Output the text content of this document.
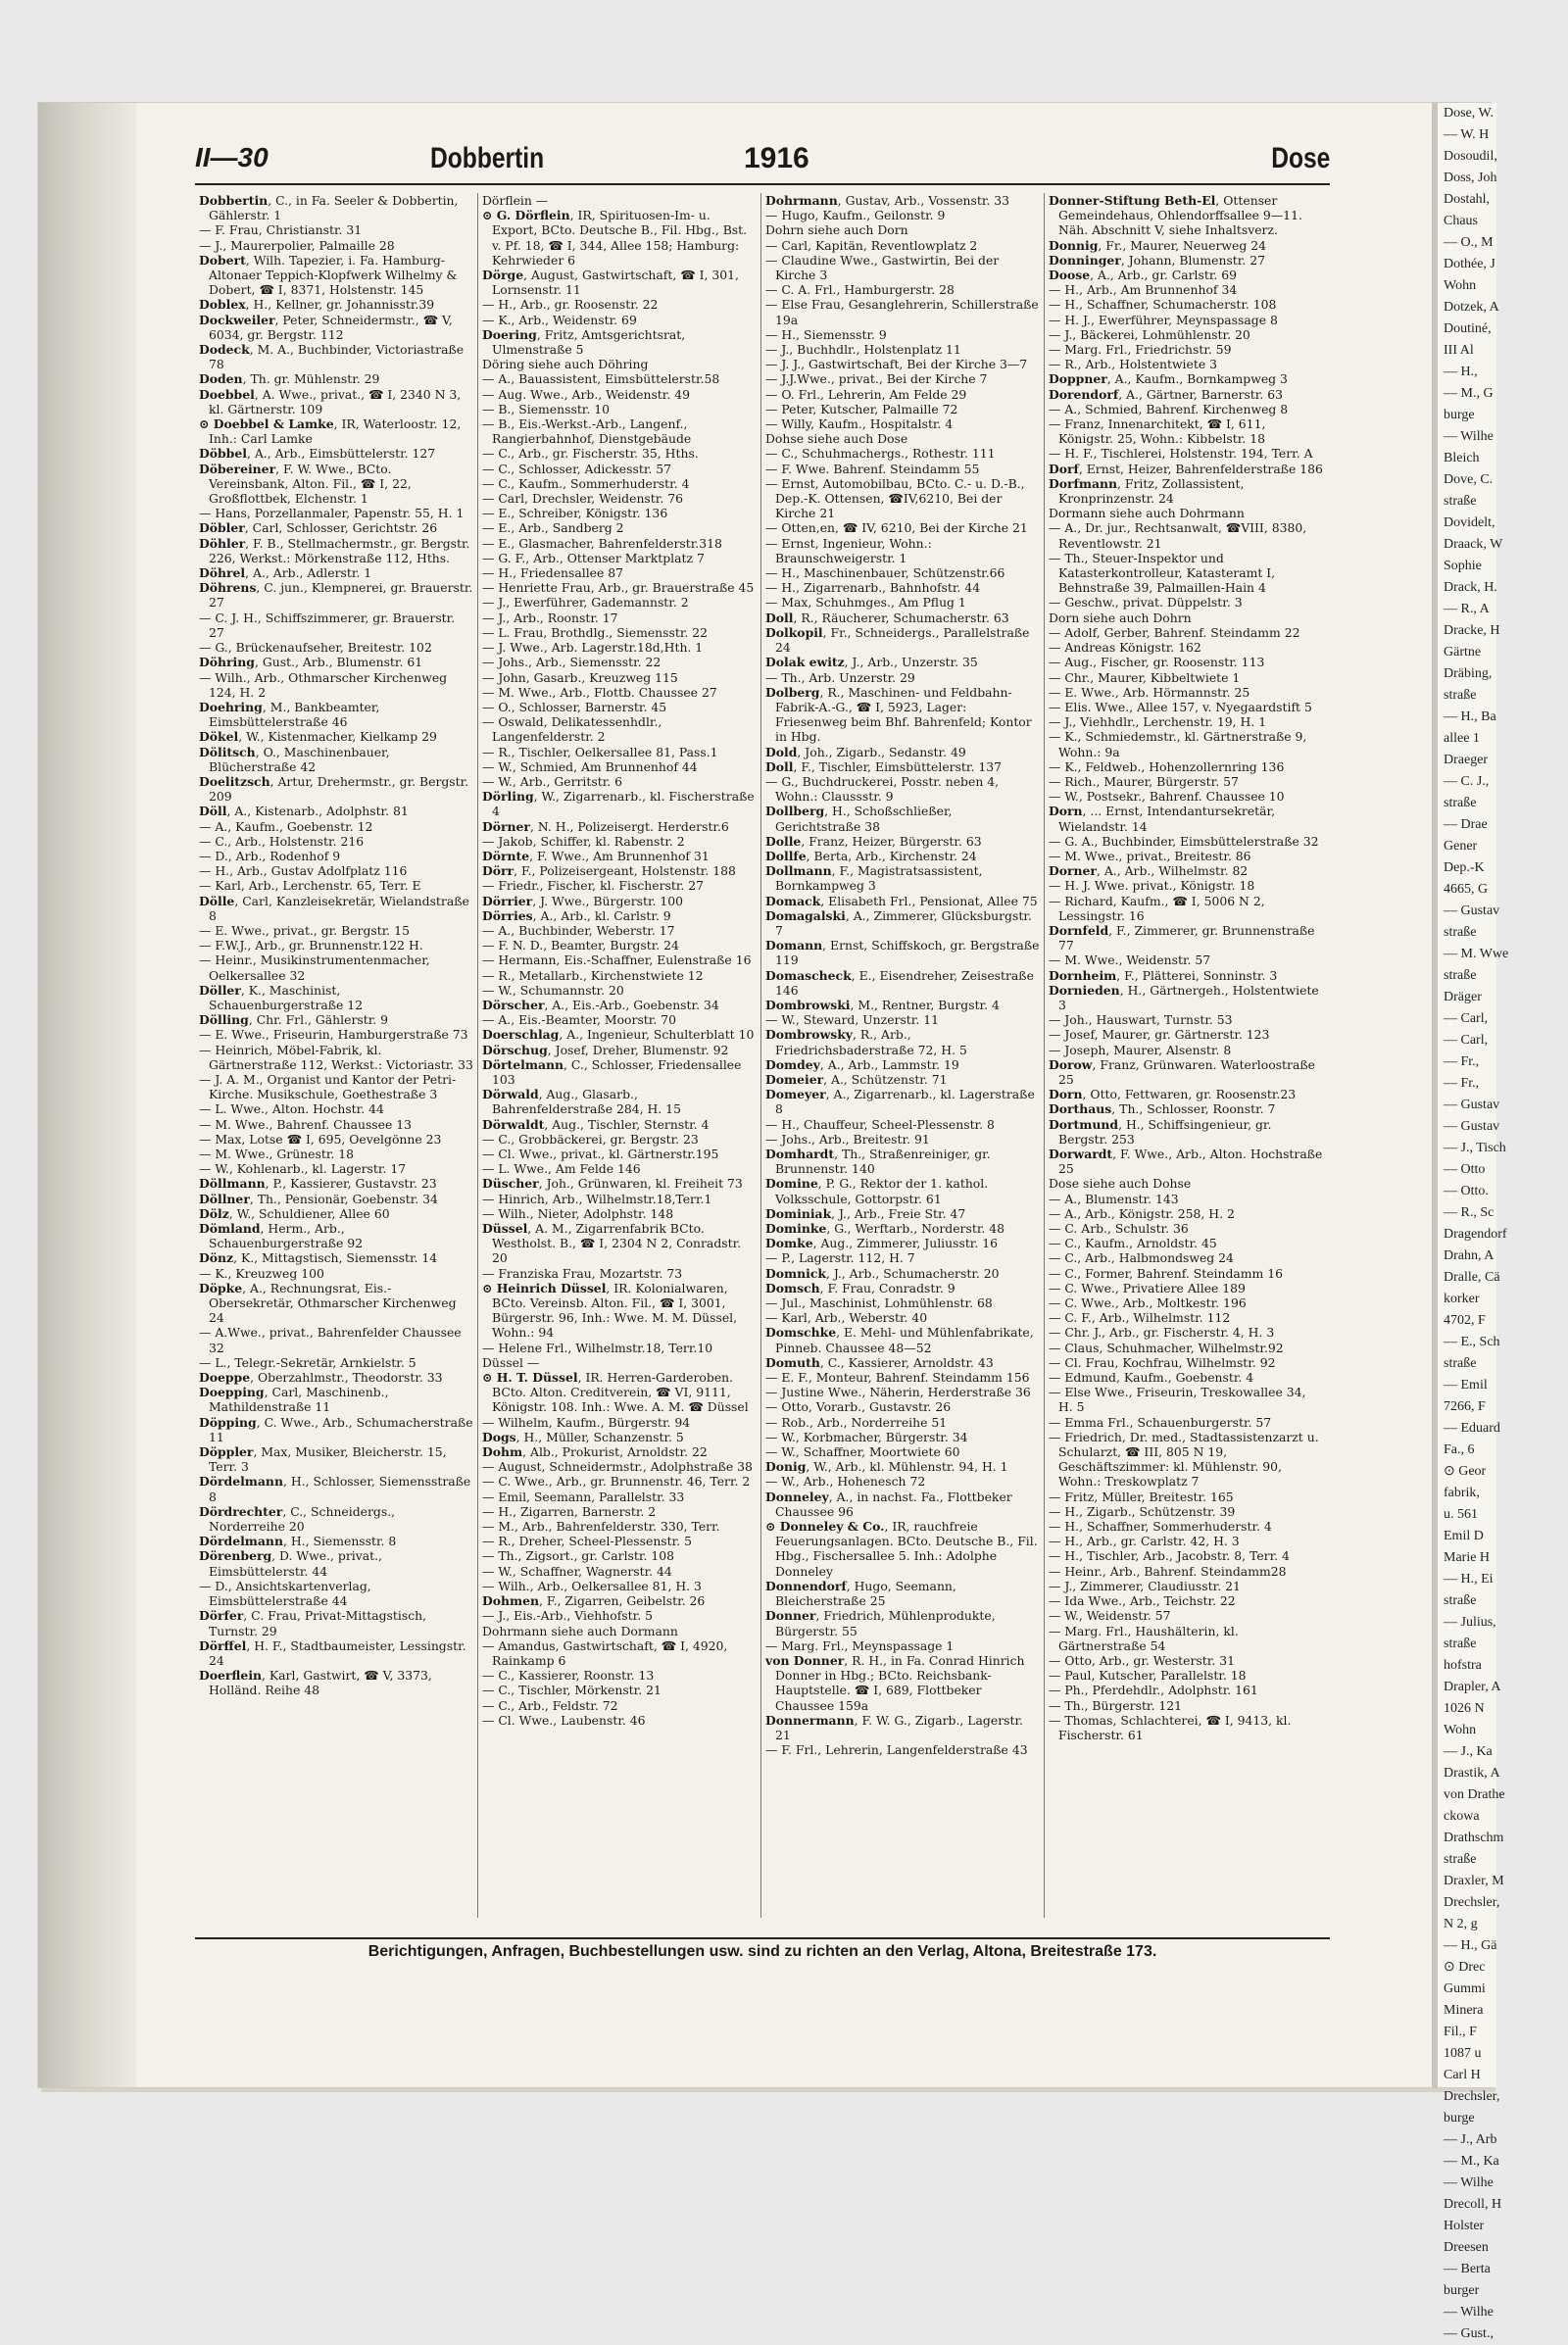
II—30	Dobbertin	1916	Dose

Dobbertin, C., in Fa. Seeler & Dobbertin, Gählerstr. 1

— F. Frau, Christianstr. 31

— J., Maurerpolier, Palmaille 28

Dobert, Wilh. Tapezier, i. Fa. Hamburg-Altonaer Teppich-Klopfwerk Wilhelmy & Dobert, ☎ I, 8371, Holstenstr. 145

Doblex, H., Kellner, gr. Johannisstr.39

Dockweiler, Peter, Schneidermstr., ☎ V, 6034, gr. Bergstr. 112

Dodeck, M. A., Buchbinder, Victoriastraße 78

Doden, Th. gr. Mühlenstr. 29

Doebbel, A. Wwe., privat., ☎ I, 2340 N 3, kl. Gärtnerstr. 109

⊙ Doebbel & Lamke, IR, Waterloostr. 12, Inh.: Carl Lamke

Döbbel, A., Arb., Eimsbüttelerstr. 127

Döbereiner, F. W. Wwe., BCto. Vereinsbank, Alton. Fil., ☎ I, 22, Großflottbek, Elchenstr. 1

— Hans, Porzellanmaler, Papenstr. 55, H. 1

Döbler, Carl, Schlosser, Gerichtstr. 26

Döhler, F. B., Stellmachermstr., gr. Bergstr. 226, Werkst.: Mörkenstraße 112, Hths.

Döhrel, A., Arb., Adlerstr. 1

Döhrens, C. jun., Klempnerei, gr. Brauerstr. 27

— C. J. H., Schiffszimmerer, gr. Brauerstr. 27

— G., Brückenaufseher, Breitestr. 102

Döhring, Gust., Arb., Blumenstr. 61

— Wilh., Arb., Othmarscher Kirchenweg 124, H. 2

Doehring, M., Bankbeamter, Eimsbüttelerstraße 46

Dökel, W., Kistenmacher, Kielkamp 29

Dölitsch, O., Maschinenbauer, Blücherstraße 42

Doelitzsch, Artur, Drehermstr., gr. Bergstr. 209

Döll, A., Kistenarb., Adolphstr. 81

— A., Kaufm., Goebenstr. 12

— C., Arb., Holstenstr. 216

— D., Arb., Rodenhof 9

— H., Arb., Gustav Adolfplatz 116

— Karl, Arb., Lerchenstr. 65, Terr. E

Dölle, Carl, Kanzleisekretär, Wielandstraße 8

— E. Wwe., privat., gr. Bergstr. 15

— F.W.J., Arb., gr. Brunnenstr.122 H.

— Heinr., Musikinstrumentenmacher, Oelkersallee 32

Döller, K., Maschinist, Schauenburgerstraße 12

Dölling, Chr. Frl., Gählerstr. 9

— E. Wwe., Friseurin, Hamburgerstraße 73

— Heinrich, Möbel-Fabrik, kl. Gärtnerstraße 112, Werkst.: Victoriastr. 33

— J. A. M., Organist und Kantor der Petri-Kirche. Musikschule, Goethestraße 3

— L. Wwe., Alton. Hochstr. 44

— M. Wwe., Bahrenf. Chaussee 13

— Max, Lotse ☎ I, 695, Oevelgönne 23

— M. Wwe., Grünestr. 18

— W., Kohlenarb., kl. Lagerstr. 17

Döllmann, P., Kassierer, Gustavstr. 23

Döllner, Th., Pensionär, Goebenstr. 34

Dölz, W., Schuldiener, Allee 60

Dömland, Herm., Arb., Schauenburgerstraße 92

Dönz, K., Mittagstisch, Siemensstr. 14

— K., Kreuzweg 100

Döpke, A., Rechnungsrat, Eis.-Obersekretär, Othmarscher Kirchenweg 24

— A.Wwe., privat., Bahrenfelder Chaussee 32

— L., Telegr.-Sekretär, Arnkielstr. 5

Doeppe, Oberzahlmstr., Theodorstr. 33

Doepping, Carl, Maschinenb., Mathildenstraße 11

Döpping, C. Wwe., Arb., Schumacherstraße 11

Döppler, Max, Musiker, Bleicherstr. 15, Terr. 3

Dördelmann, H., Schlosser, Siemensstraße 8

Dördrechter, C., Schneidergs., Norderreihe 20

Dördelmann, H., Siemensstr. 8

Dörenberg, D. Wwe., privat., Eimsbüttelerstr. 44

— D., Ansichtskartenverlag, Eimsbüttelerstraße 44

Dörfer, C. Frau, Privat-Mittagstisch, Turnstr. 29

Dörffel, H. F., Stadtbaumeister, Lessingstr. 24

Doerflein, Karl, Gastwirt, ☎ V, 3373, Holländ. Reihe 48

Dörflein —

⊙ G. Dörflein, IR, Spirituosen-Im- u. Export, BCto. Deutsche B., Fil. Hbg., Bst. v. Pf. 18, ☎ I, 344, Allee 158; Hamburg: Kehrwieder 6

Dörge, August, Gastwirtschaft, ☎ I, 301, Lornsenstr. 11

— H., Arb., gr. Roosenstr. 22

— K., Arb., Weidenstr. 69

Doering, Fritz, Amtsgerichtsrat, Ulmenstraße 5

Döring siehe auch Döhring

— A., Bauassistent, Eimsbüttelerstr.58

— Aug. Wwe., Arb., Weidenstr. 49

— B., Siemensstr. 10

— B., Eis.-Werkst.-Arb., Langenf., Rangierbahnhof, Dienstgebäude

— C., Arb., gr. Fischerstr. 35, Hths.

— C., Schlosser, Adickesstr. 57

— C., Kaufm., Sommerhuderstr. 4

— Carl, Drechsler, Weidenstr. 76

— E., Schreiber, Königstr. 136

— E., Arb., Sandberg 2

— E., Glasmacher, Bahrenfelderstr.318

— G. F., Arb., Ottenser Marktplatz 7

— H., Friedensallee 87

— Henriette Frau, Arb., gr. Brauerstraße 45

— J., Ewerführer, Gademannstr. 2

— J., Arb., Roonstr. 17

— L. Frau, Brothdlg., Siemensstr. 22

— J. Wwe., Arb. Lagerstr.18d,Hth. 1

— Johs., Arb., Siemensstr. 22

— John, Gasarb., Kreuzweg 115

— M. Wwe., Arb., Flottb. Chaussee 27

— O., Schlosser, Barnerstr. 45

— Oswald, Delikatessenhdlr., Langenfelderstr. 2

— R., Tischler, Oelkersallee 81, Pass.1

— W., Schmied, Am Brunnenhof 44

— W., Arb., Gerritstr. 6

Dörling, W., Zigarrenarb., kl. Fischerstraße 4

Dörner, N. H., Polizeisergt. Herderstr.6

— Jakob, Schiffer, kl. Rabenstr. 2

Dörnte, F. Wwe., Am Brunnenhof 31

Dörr, F., Polizeisergeant, Holstenstr. 188

— Friedr., Fischer, kl. Fischerstr. 27

Dörrier, J. Wwe., Bürgerstr. 100

Dörries, A., Arb., kl. Carlstr. 9

— A., Buchbinder, Weberstr. 17

— F. N. D., Beamter, Burgstr. 24

— Hermann, Eis.-Schaffner, Eulenstraße 16

— R., Metallarb., Kirchenstwiete 12

— W., Schumannstr. 20

Dörscher, A., Eis.-Arb., Goebenstr. 34

— A., Eis.-Beamter, Moorstr. 70

Doerschlag, A., Ingenieur, Schulterblatt 10

Dörschug, Josef, Dreher, Blumenstr. 92

Dörtelmann, C., Schlosser, Friedensallee 103

Dörwald, Aug., Glasarb., Bahrenfelderstraße 284, H. 15

Dörwaldt, Aug., Tischler, Sternstr. 4

— C., Grobbäckerei, gr. Bergstr. 23

— Cl. Wwe., privat., kl. Gärtnerstr.195

— L. Wwe., Am Felde 146

Düscher, Joh., Grünwaren, kl. Freiheit 73

— Hinrich, Arb., Wilhelmstr.18,Terr.1

— Wilh., Nieter, Adolphstr. 148

Düssel, A. M., Zigarrenfabrik BCto. Westholst. B., ☎ I, 2304 N 2, Conradstr. 20

— Franziska Frau, Mozartstr. 73

⊙ Heinrich Düssel, IR. Kolonialwaren, BCto. Vereinsb. Alton. Fil., ☎ I, 3001, Bürgerstr. 96, Inh.: Wwe. M. M. Düssel, Wohn.: 94

— Helene Frl., Wilhelmstr.18, Terr.10

Düssel —

⊙ H. T. Düssel, IR. Herren-Garderoben. BCto. Alton. Creditverein, ☎ VI, 9111, Königstr. 108. Inh.: Wwe. A. M. ☎ Düssel

— Wilhelm, Kaufm., Bürgerstr. 94

Dogs, H., Müller, Schanzenstr. 5

Dohm, Alb., Prokurist, Arnoldstr. 22

— August, Schneidermstr., Adolphstraße 38

— C. Wwe., Arb., gr. Brunnenstr. 46, Terr. 2

— Emil, Seemann, Parallelstr. 33

— H., Zigarren, Barnerstr. 2

— M., Arb., Bahrenfelderstr. 330, Terr.

— R., Dreher, Scheel-Plessenstr. 5

— Th., Zigsort., gr. Carlstr. 108

— W., Schaffner, Wagnerstr. 44

— Wilh., Arb., Oelkersallee 81, H. 3

Dohmen, F., Zigarren, Geibelstr. 26

— J., Eis.-Arb., Viehhofstr. 5

Dohrmann siehe auch Dormann

— Amandus, Gastwirtschaft, ☎ I, 4920, Rainkamp 6

— C., Kassierer, Roonstr. 13

— C., Tischler, Mörkenstr. 21

— C., Arb., Feldstr. 72

— Cl. Wwe., Laubenstr. 46

Dohrmann, Gustav, Arb., Vossenstr. 33

— Hugo, Kaufm., Geilonstr. 9

Dohrn siehe auch Dorn

— Carl, Kapitän, Reventlowplatz 2

— Claudine Wwe., Gastwirtin, Bei der Kirche 3

— C. A. Frl., Hamburgerstr. 28

— Else Frau, Gesanglehrerin, Schillerstraße 19a

— H., Siemensstr. 9

— J., Buchhdlr., Holstenplatz 11

— J. J., Gastwirtschaft, Bei der Kirche 3—7

— J.J.Wwe., privat., Bei der Kirche 7

— O. Frl., Lehrerin, Am Felde 29

— Peter, Kutscher, Palmaille 72

— Willy, Kaufm., Hospitalstr. 4

Dohse siehe auch Dose

— C., Schuhmachergs., Rothestr. 111

— F. Wwe. Bahrenf. Steindamm 55

— Ernst, Automobilbau, BCto. C.- u. D.-B., Dep.-K. Ottensen, ☎IV,6210, Bei der Kirche 21

— Otten,en, ☎ IV, 6210, Bei der Kirche 21

— Ernst, Ingenieur, Wohn.: Braunschweigerstr. 1

— H., Maschinenbauer, Schützenstr.66

— H., Zigarrenarb., Bahnhofstr. 44

— Max, Schuhmges., Am Pflug 1

Doll, R., Räucherer, Schumacherstr. 63

Dolkopil, Fr., Schneidergs., Parallelstraße 24

Dolak ewitz, J., Arb., Unzerstr. 35

— Th., Arb. Unzerstr. 29

Dolberg, R., Maschinen- und Feldbahn-Fabrik-A.-G., ☎ I, 5923, Lager: Friesenweg beim Bhf. Bahrenfeld; Kontor in Hbg.

Dold, Joh., Zigarb., Sedanstr. 49

Doll, F., Tischler, Eimsbüttelerstr. 137

— G., Buchdruckerei, Posstr. neben 4, Wohn.: Claussstr. 9

Dollberg, H., Schoßschließer, Gerichtstraße 38

Dolle, Franz, Heizer, Bürgerstr. 63

Dollfe, Berta, Arb., Kirchenstr. 24

Dollmann, F., Magistratsassistent, Bornkampweg 3

Domack, Elisabeth Frl., Pensionat, Allee 75

Domagalski, A., Zimmerer, Glücksburgstr. 7

Domann, Ernst, Schiffskoch, gr. Bergstraße 119

Domascheck, E., Eisendreher, Zeisestraße 146

Dombrowski, M., Rentner, Burgstr. 4

— W., Steward, Unzerstr. 11

Dombrowsky, R., Arb., Friedrichsbaderstraße 72, H. 5

Domdey, A., Arb., Lammstr. 19

Domeier, A., Schützenstr. 71

Domeyer, A., Zigarrenarb., kl. Lagerstraße 8

— H., Chauffeur, Scheel-Plessenstr. 8

— Johs., Arb., Breitestr. 91

Domhardt, Th., Straßenreiniger, gr. Brunnenstr. 140

Domine, P. G., Rektor der 1. kathol. Volksschule, Gottorpstr. 61

Dominiak, J., Arb., Freie Str. 47

Dominke, G., Werftarb., Norderstr. 48

Domke, Aug., Zimmerer, Juliusstr. 16

— P., Lagerstr. 112, H. 7

Domnick, J., Arb., Schumacherstr. 20

Domsch, F. Frau, Conradstr. 9

— Jul., Maschinist, Lohmühlenstr. 68

— Karl, Arb., Weberstr. 40

Domschke, E. Mehl- und Mühlenfabrikate, Pinneb. Chaussee 48—52

Domuth, C., Kassierer, Arnoldstr. 43

— E. F., Monteur, Bahrenf. Steindamm 156

— Justine Wwe., Näherin, Herderstraße 36

— Otto, Vorarb., Gustavstr. 26

— Rob., Arb., Norderreihe 51

— W., Korbmacher, Bürgerstr. 34

— W., Schaffner, Moortwiete 60

Donig, W., Arb., kl. Mühlenstr. 94, H. 1

— W., Arb., Hohenesch 72

Donneley, A., in nachst. Fa., Flottbeker Chaussee 96

⊙ Donneley & Co., IR, rauchfreie Feuerungsanlagen. BCto. Deutsche B., Fil. Hbg., Fischersallee 5. Inh.: Adolphe Donneley

Donnendorf, Hugo, Seemann, Bleicherstraße 25

Donner, Friedrich, Mühlenprodukte, Bürgerstr. 55

— Marg. Frl., Meynspassage 1

von Donner, R. H., in Fa. Conrad Hinrich Donner in Hbg.; BCto. Reichsbank-Hauptstelle. ☎ I, 689, Flottbeker Chaussee 159a

Donnermann, F. W. G., Zigarb., Lagerstr. 21

— F. Frl., Lehrerin, Langenfelderstraße 43

Donner-Stiftung Beth-El, Ottenser Gemeindehaus, Ohlendorffsallee 9—11. Näh. Abschnitt V, siehe Inhaltsverz.

Donnig, Fr., Maurer, Neuerweg 24

Donninger, Johann, Blumenstr. 27

Doose, A., Arb., gr. Carlstr. 69

— H., Arb., Am Brunnenhof 34

— H., Schaffner, Schumacherstr. 108

— H. J., Ewerführer, Meynspassage 8

— J., Bäckerei, Lohmühlenstr. 20

— Marg. Frl., Friedrichstr. 59

— R., Arb., Holstentwiete 3

Doppner, A., Kaufm., Bornkampweg 3

Dorendorf, A., Gärtner, Barnerstr. 63

— A., Schmied, Bahrenf. Kirchenweg 8

— Franz, Innenarchitekt, ☎ I, 611, Königstr. 25, Wohn.: Kibbelstr. 18

— H. F., Tischlerei, Holstenstr. 194, Terr. A

Dorf, Ernst, Heizer, Bahrenfelderstraße 186

Dorfmann, Fritz, Zollassistent, Kronprinzenstr. 24

Dormann siehe auch Dohrmann

— A., Dr. jur., Rechtsanwalt, ☎VIII, 8380, Reventlowstr. 21

— Th., Steuer-Inspektor und Katasterkontrolleur, Katasteramt I, Behnstraße 39, Palmaillen-Hain 4

— Geschw., privat. Düppelstr. 3

Dorn siehe auch Dohrn

— Adolf, Gerber, Bahrenf. Steindamm 22

— Andreas Königstr. 162

— Aug., Fischer, gr. Roosenstr. 113

— Chr., Maurer, Kibbeltwiete 1

— E. Wwe., Arb. Hörmannstr. 25

— Elis. Wwe., Allee 157, v. Nyegaardstift 5

— J., Viehhdlr., Lerchenstr. 19, H. 1

— K., Schmiedemstr., kl. Gärtnerstraße 9, Wohn.: 9a

— K., Feldweb., Hohenzollernring 136

— Rich., Maurer, Bürgerstr. 57

— W., Postsekr., Bahrenf. Chaussee 10

Dorn, ... Ernst, Intendantursekretär, Wielandstr. 14

— G. A., Buchbinder, Eimsbüttelerstraße 32

— M. Wwe., privat., Breitestr. 86

Dorner, A., Arb., Wilhelmstr. 82

— H. J. Wwe. privat., Königstr. 18

— Richard, Kaufm., ☎ I, 5006 N 2, Lessingstr. 16

Dornfeld, F., Zimmerer, gr. Brunnenstraße 77

— M. Wwe., Weidenstr. 57

Dornheim, F., Plätterei, Sonninstr. 3

Dornieden, H., Gärtnergeh., Holstentwiete 3

— Joh., Hauswart, Turnstr. 53

— Josef, Maurer, gr. Gärtnerstr. 123

— Joseph, Maurer, Alsenstr. 8

Dorow, Franz, Grünwaren. Waterloostraße 25

Dorn, Otto, Fettwaren, gr. Roosenstr.23

Dorthaus, Th., Schlosser, Roonstr. 7

Dortmund, H., Schiffsingenieur, gr. Bergstr. 253

Dorwardt, F. Wwe., Arb., Alton. Hochstraße 25

Dose siehe auch Dohse

— A., Blumenstr. 143

— A., Arb., Königstr. 258, H. 2

— C. Arb., Schulstr. 36

— C., Kaufm., Arnoldstr. 45

— C., Arb., Halbmondsweg 24

— C., Former, Bahrenf. Steindamm 16

— C. Wwe., Privatiere Allee 189

— C. Wwe., Arb., Moltkestr. 196

— C. F., Arb., Wilhelmstr. 112

— Chr. J., Arb., gr. Fischerstr. 4, H. 3

— Claus, Schuhmacher, Wilhelmstr.92

— Cl. Frau, Kochfrau, Wilhelmstr. 92

— Edmund, Kaufm., Goebenstr. 4

— Else Wwe., Friseurin, Treskowallee 34, H. 5

— Emma Frl., Schauenburgerstr. 57

— Friedrich, Dr. med., Stadtassistenzarzt u. Schularzt, ☎ III, 805 N 19, Geschäftszimmer: kl. Mühlenstr. 90, Wohn.: Treskowplatz 7

— Fritz, Müller, Breitestr. 165

— H., Zigarb., Schützenstr. 39

— H., Schaffner, Sommerhuderstr. 4

— H., Arb., gr. Carlstr. 42, H. 3

— H., Tischler, Arb., Jacobstr. 8, Terr. 4

— Heinr., Arb., Bahrenf. Steindamm28

— J., Zimmerer, Claudiusstr. 21

— Ida Wwe., Arb., Teichstr. 22

— W., Weidenstr. 57

— Marg. Frl., Haushälterin, kl. Gärtnerstraße 54

— Otto, Arb., gr. Westerstr. 31

— Paul, Kutscher, Parallelstr. 18

— Ph., Pferdehdlr., Adolphstr. 161

— Th., Bürgerstr. 121

— Thomas, Schlachterei, ☎ I, 9413, kl. Fischerstr. 61

Berichtigungen, Anfragen, Buchbestellungen usw. sind zu richten an den Verlag, Altona, Breitestraße 173.
Dose, W.
— W. H
Dosoudil,
Doss, Joh
Dostahl,
Chaus
— O., M
Dothée, J
Wohn
Dotzek, A
Doutiné,
III Al
— H.,
— M., G
burge
— Wilhe
Bleich
Dove, C.
straße
Dovidelt,
Draack, W
Sophie
Drack, H.
— R., A
Dracke, H
Gärtne
Dräbing,
straße
— H., Ba
allee 1
Draeger
— C. J.,
straße
— Drae
Gener
Dep.-K
4665, G
— Gustav
straße
— M. Wwe
straße
Dräger
— Carl,
— Carl,
— Fr.,
— Fr.,
— Gustav
— Gustav
— J., Tisch
— Otto
— Otto.
— R., Sc
Dragendorf
Drahn, A
Dralle, Cä
korker
4702, F
— E., Sch
straße
— Emil
7266, F
— Eduard
Fa., 6
⊙ Geor
fabrik,
u. 561
Emil D
Marie H
— H., Ei
straße
— Julius,
straße
hofstra
Drapler, A
1026 N
Wohn
— J., Ka
Drastik, A
von Drathe
ckowa
Drathschm
straße
Draxler, M
Drechsler,
N 2, g
— H., Gä
⊙ Drec
Gummi
Minera
Fil., F
1087 u
Carl H
Drechsler,
burge
— J., Arb
— M., Ka
— Wilhe
Drecoll, H
Holster
Dreesen
— Berta
burger
— Wilhe
— Gust.,
